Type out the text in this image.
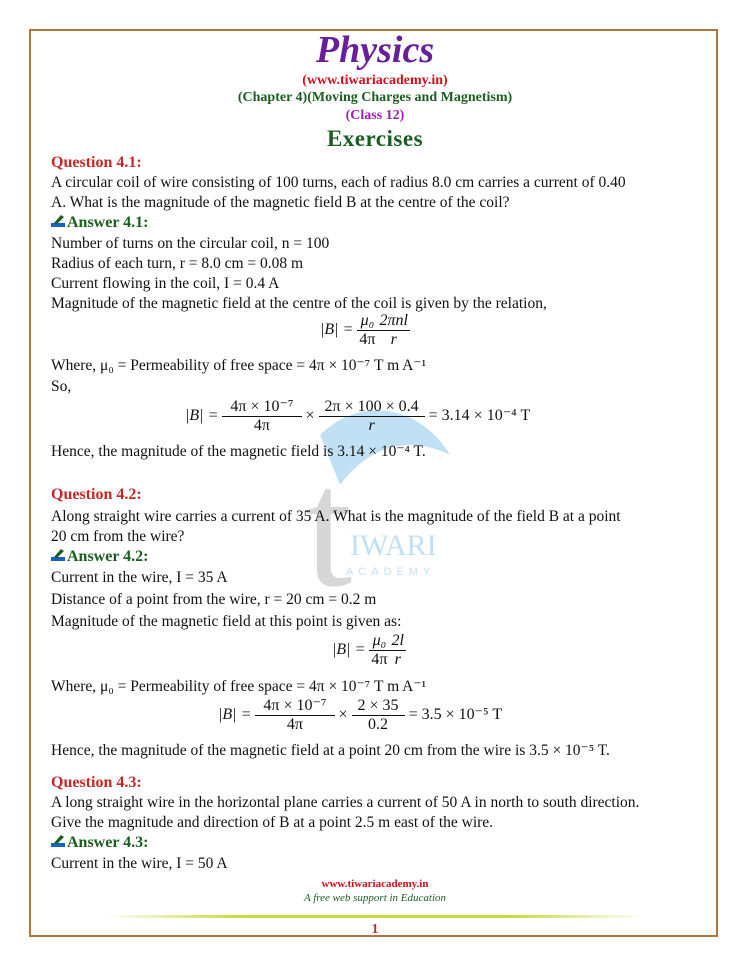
t
IWARI
ACADEMY
Physics
(www.tiwariacademy.in)
(Chapter 4)(Moving Charges and Magnetism)
(Class 12)
Exercises
Question 4.1:
A circular coil of wire consisting of 100 turns, each of radius 8.0 cm carries a current of 0.40
A. What is the magnitude of the magnetic field B at the centre of the coil?
Answer 4.1:
Number of turns on the circular coil, n = 100
Radius of each turn, r = 8.0 cm = 0.08 m
Current flowing in the coil, I = 0.4 A
Magnitude of the magnetic field at the centre of the coil is given by the relation,
$|B| = \frac{\text{μ₀}}{4\pi} \frac{\text{2πnl}}{r}$
Where, μ₀ = Permeability of free space = 4π × 10⁻⁷ T m A⁻¹
So,
$|B| = \frac{\text{4π × 10⁻⁷}}{4\pi} \times \frac{2\pi \times 100 \times 0.4}{r} = 3.14 \times 10^{-4}$ T
Hence, the magnitude of the magnetic field is 3.14 × 10⁻⁴ T.
Question 4.2:
Along straight wire carries a current of 35 A. What is the magnitude of the field B at a point
20 cm from the wire?
Answer 4.2:
Current in the wire, I = 35 A
Distance of a point from the wire, r = 20 cm = 0.2 m
Magnitude of the magnetic field at this point is given as:
$|B| = \frac{\text{μ₀}}{4\pi} \frac{2l}{r}$
Where, μ₀ = Permeability of free space = 4π × 10⁻⁷ T m A⁻¹
$|B| = \frac{\text{4π × 10⁻⁷}}{4\pi} \times \frac{2 \times 35}{0.2} = 3.5 \times 10^{-5}$ T
Hence, the magnitude of the magnetic field at a point 20 cm from the wire is 3.5 × 10⁻⁵ T.
Question 4.3:
A long straight wire in the horizontal plane carries a current of 50 A in north to south direction.
Give the magnitude and direction of B at a point 2.5 m east of the wire.
Answer 4.3:
Current in the wire, I = 50 A
www.tiwariacademy.in
A free web support in Education
1
